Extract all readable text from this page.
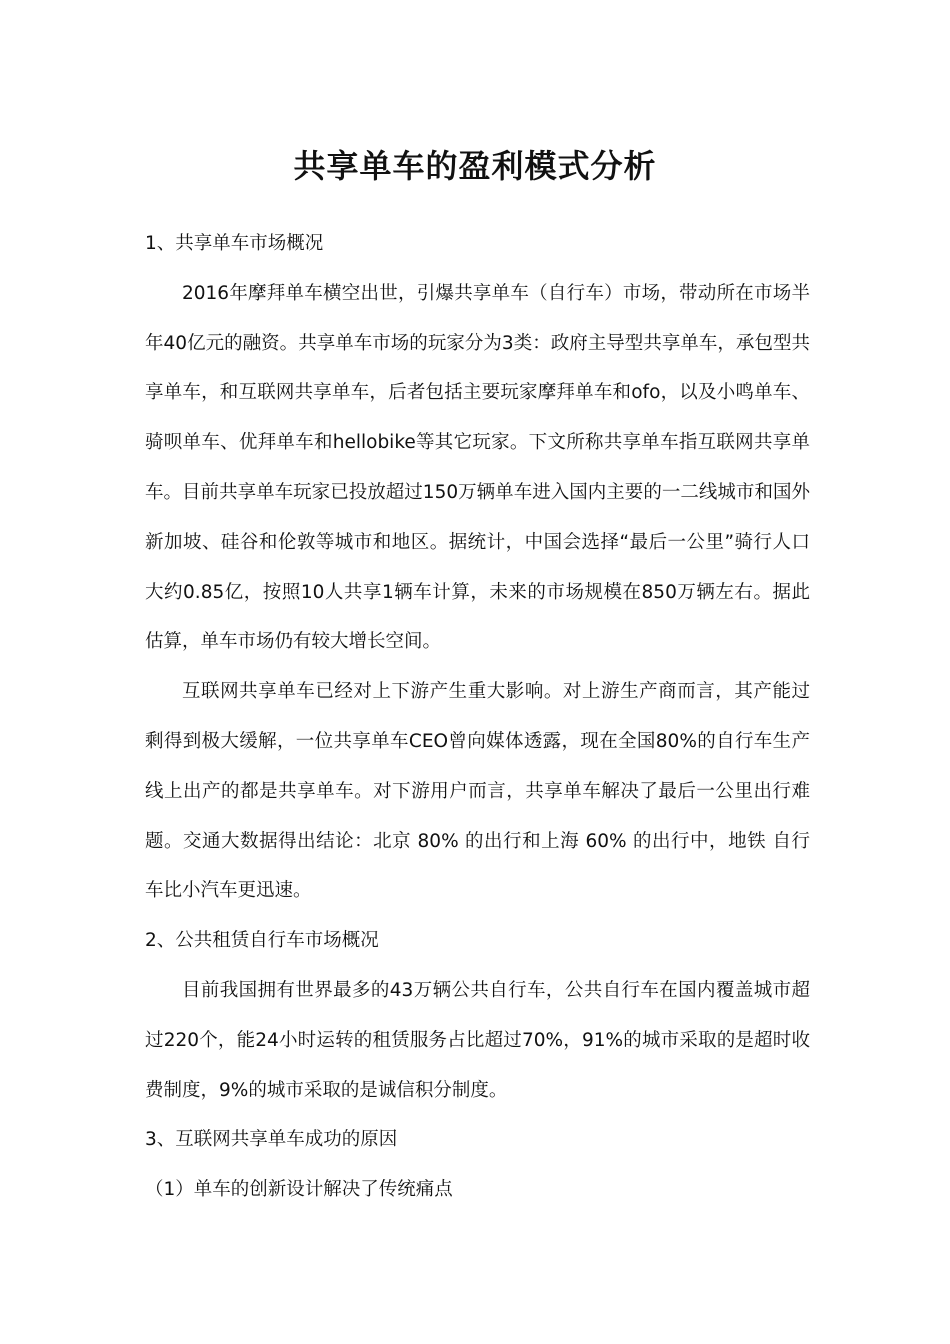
共享单车的盈利模式分析

1、共享单车市场概况

2016年摩拜单车横空出世，引爆共享单车（自行车）市场，带动所在市场半年40亿元的融资。共享单车市场的玩家分为3类：政府主导型共享单车，承包型共享单车，和互联网共享单车，后者包括主要玩家摩拜单车和ofo，以及小鸣单车、骑呗单车、优拜单车和hellobike等其它玩家。下文所称共享单车指互联网共享单车。目前共享单车玩家已投放超过150万辆单车进入国内主要的一二线城市和国外新加坡、硅谷和伦敦等城市和地区。据统计，中国会选择“最后一公里”骑行人口大约0.85亿，按照10人共享1辆车计算，未来的市场规模在850万辆左右。据此估算，单车市场仍有较大增长空间。

互联网共享单车已经对上下游产生重大影响。对上游生产商而言，其产能过剩得到极大缓解，一位共享单车CEO曾向媒体透露，现在全国80%的自行车生产线上出产的都是共享单车。对下游用户而言，共享单车解决了最后一公里出行难题。交通大数据得出结论：北京 80% 的出行和上海 60% 的出行中，地铁 自行车比小汽车更迅速。

2、公共租赁自行车市场概况

目前我国拥有世界最多的43万辆公共自行车，公共自行车在国内覆盖城市超过220个，能24小时运转的租赁服务占比超过70%，91%的城市采取的是超时收费制度，9%的城市采取的是诚信积分制度。

3、互联网共享单车成功的原因

（1）单车的创新设计解决了传统痛点
